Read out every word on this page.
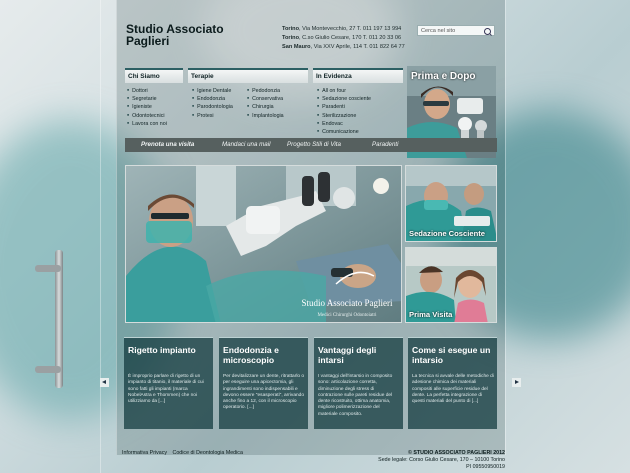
Studio Associato
Paglieri
Torino, Via Montevecchio, 27 T. 011 197 13 994
Torino, C.so Giulio Cesare, 170 T. 011 20 33 06
San Mauro, Via XXV Aprile, 114 T. 011 822 64 77
Cerca nel sito
Chi Siamo
■ Dottori
■ Segretarie
■ Igieniste
■ Odontotecnici
■ Lavora con noi
Terapie
■ Igiene Dentale
■ Endodonzia
■ Parodontologia
■ Protesi
■ Pedodonzia
■ Conservativa
■ Chirurgia
■ Implantologia
In Evidenza
■ All on four
■ Sedazione cosciente
■ Paradenti
■ Sterilizzazione
■ Endovac
■ Comunicazione
Prima e Dopo
Prenota una visita	Mandaci una mail	Progetto Stili di Vita	Paradenti
Studio Associato Paglieri
Medici Chirurghi Odontoiatri
Sedazione Cosciente
Prima Visita
Rigetto impianto
È improprio parlare di rigetto di un impianto di titanio, il materiale di cui sono fatti gli impianti (marca NobelAstra e Thommen) che noi utilizziamo da [...]
Endodonzia e microscopio
Per devitalizzare un dente, ritrattarlo o per eseguire una apicectomia, gli ingrandimenti sono indispensabili e devono essere "esasperati", arrivando anche fino a 12, con il microscopio operatorio. [...]
Vantaggi degli intarsi
I vantaggi dell'intarsio in composito sono: articolazione corretta, diminuzione degli stress di contrazione sulle pareti residue del dente ricostruito, ottima anatomia, migliore polimerizzazione del materiale composito.
Come si esegue un intarsio
La tecnica si avvale delle metodiche di adesione chimica dei materiali compositi alle superficie residue del dente. La perfetta integrazione di questi materiali del punto di [...]
Informativa Privacy Codice di Deontologia Medica	© STUDIO ASSOCIATO PAGLIERI 2012
Sede legale: Corso Giulio Cesare, 170 – 10100 Torino
PI 09550950019
